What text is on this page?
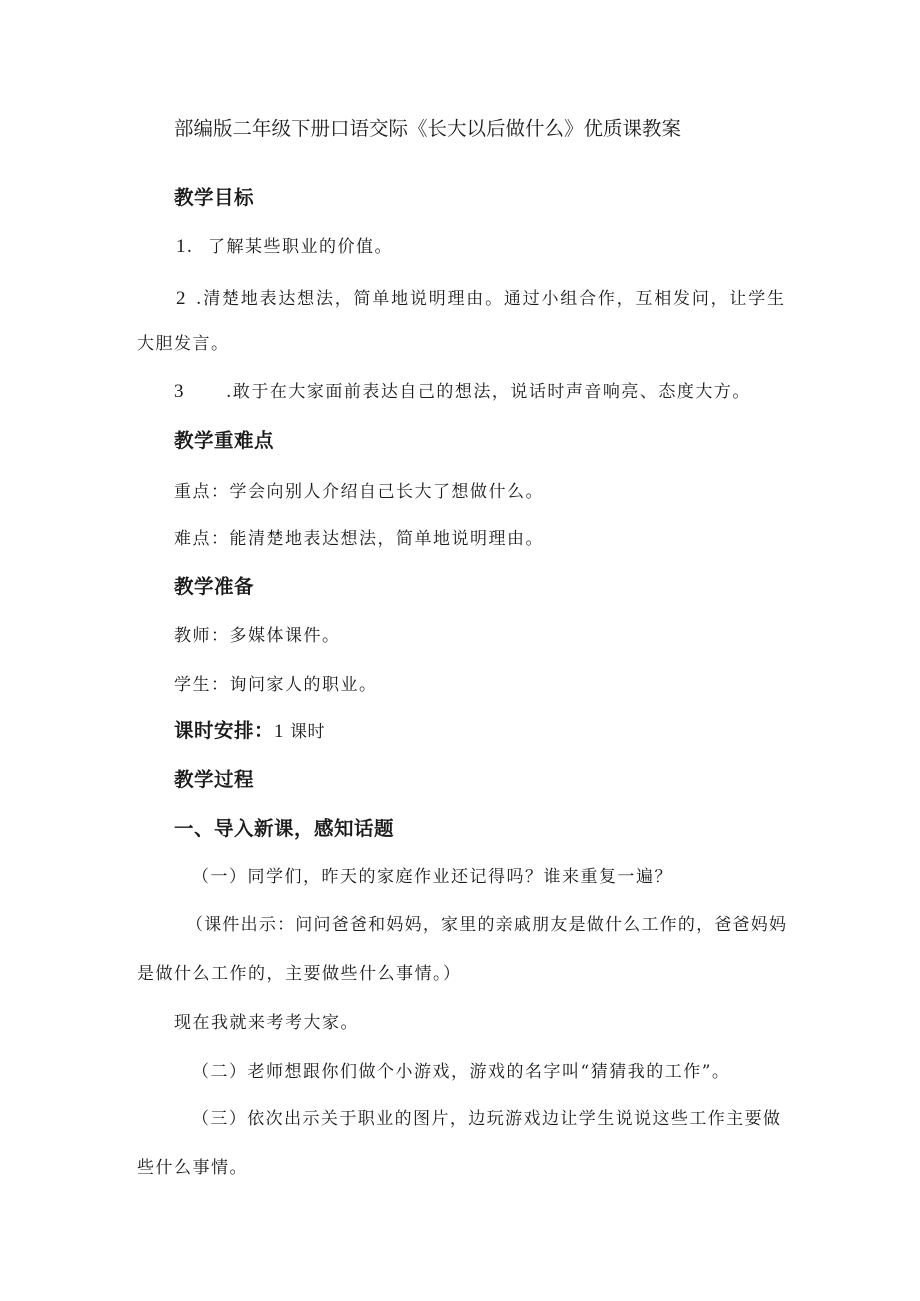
部编版二年级下册口语交际《长大以后做什么》优质课教案
教学目标
1. 了解某些职业的价值。
2 .清楚地表达想法，简单地说明理由。通过小组合作，互相发问，让学生
大胆发言。
3 .敢于在大家面前表达自己的想法，说话时声音响亮、态度大方。
教学重难点
重点：学会向别人介绍自己长大了想做什么。
难点：能清楚地表达想法，简单地说明理由。
教学准备
教师：多媒体课件。
学生：询问家人的职业。
课时安排：1 课时
教学过程
一、导入新课，感知话题
（一）同学们，昨天的家庭作业还记得吗？谁来重复一遍？
（课件出示：问问爸爸和妈妈，家里的亲戚朋友是做什么工作的，爸爸妈妈
是做什么工作的，主要做些什么事情。）
现在我就来考考大家。
（二）老师想跟你们做个小游戏，游戏的名字叫“猜猜我的工作”。
（三）依次出示关于职业的图片，边玩游戏边让学生说说这些工作主要做
些什么事情。
